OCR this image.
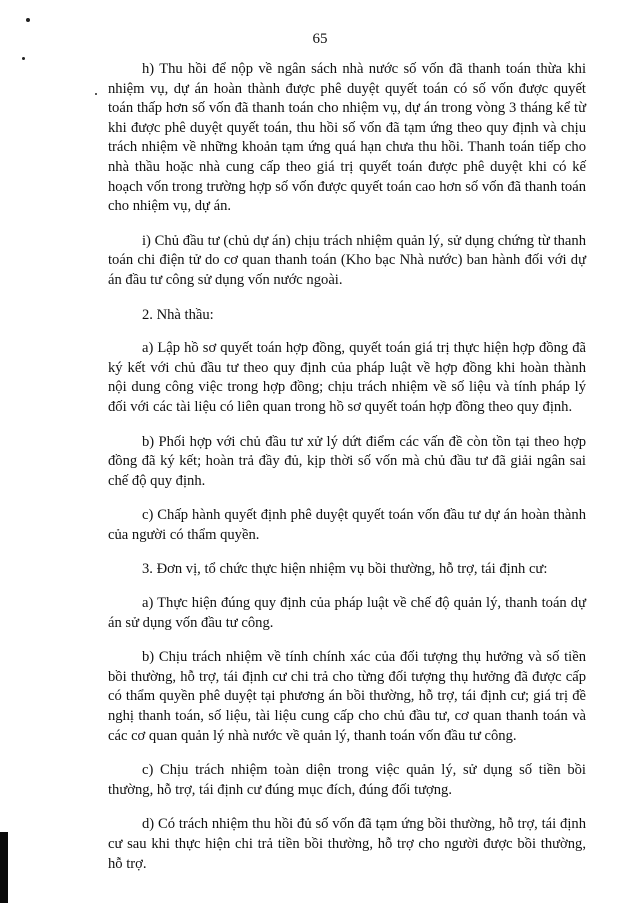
65

h) Thu hồi để nộp về ngân sách nhà nước số vốn đã thanh toán thừa khi nhiệm vụ, dự án hoàn thành được phê duyệt quyết toán có số vốn được quyết toán thấp hơn số vốn đã thanh toán cho nhiệm vụ, dự án trong vòng 3 tháng kể từ khi được phê duyệt quyết toán, thu hồi số vốn đã tạm ứng theo quy định và chịu trách nhiệm về những khoản tạm ứng quá hạn chưa thu hồi. Thanh toán tiếp cho nhà thầu hoặc nhà cung cấp theo giá trị quyết toán được phê duyệt khi có kế hoạch vốn trong trường hợp số vốn được quyết toán cao hơn số vốn đã thanh toán cho nhiệm vụ, dự án.

i) Chủ đầu tư (chủ dự án) chịu trách nhiệm quản lý, sử dụng chứng từ thanh toán chi điện tử do cơ quan thanh toán (Kho bạc Nhà nước) ban hành đối với dự án đầu tư công sử dụng vốn nước ngoài.

2. Nhà thầu:

a) Lập hồ sơ quyết toán hợp đồng, quyết toán giá trị thực hiện hợp đồng đã ký kết với chủ đầu tư theo quy định của pháp luật về hợp đồng khi hoàn thành nội dung công việc trong hợp đồng; chịu trách nhiệm về số liệu và tính pháp lý đối với các tài liệu có liên quan trong hồ sơ quyết toán hợp đồng theo quy định.

b) Phối hợp với chủ đầu tư xử lý dứt điểm các vấn đề còn tồn tại theo hợp đồng đã ký kết; hoàn trả đầy đủ, kịp thời số vốn mà chủ đầu tư đã giải ngân sai chế độ quy định.

c) Chấp hành quyết định phê duyệt quyết toán vốn đầu tư dự án hoàn thành của người có thẩm quyền.

3. Đơn vị, tổ chức thực hiện nhiệm vụ bồi thường, hỗ trợ, tái định cư:

a) Thực hiện đúng quy định của pháp luật về chế độ quản lý, thanh toán dự án sử dụng vốn đầu tư công.

b) Chịu trách nhiệm về tính chính xác của đối tượng thụ hưởng và số tiền bồi thường, hỗ trợ, tái định cư chi trả cho từng đối tượng thụ hưởng đã được cấp có thẩm quyền phê duyệt tại phương án bồi thường, hỗ trợ, tái định cư; giá trị đề nghị thanh toán, số liệu, tài liệu cung cấp cho chủ đầu tư, cơ quan thanh toán và các cơ quan quản lý nhà nước về quản lý, thanh toán vốn đầu tư công.

c) Chịu trách nhiệm toàn diện trong việc quản lý, sử dụng số tiền bồi thường, hỗ trợ, tái định cư đúng mục đích, đúng đối tượng.

d) Có trách nhiệm thu hồi đủ số vốn đã tạm ứng bồi thường, hỗ trợ, tái định cư sau khi thực hiện chi trả tiền bồi thường, hỗ trợ cho người được bồi thường, hỗ trợ.
